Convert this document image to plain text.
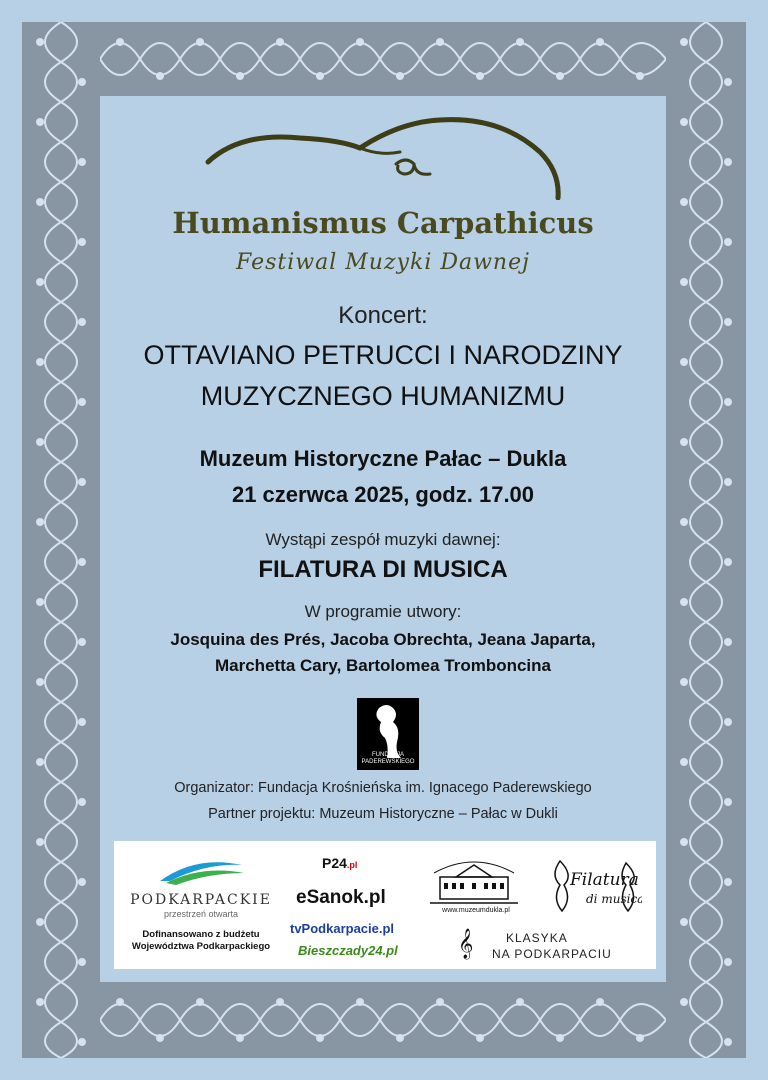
Humanismus Carpathicus
Festiwal Muzyki Dawnej
Koncert:
OTTAVIANO PETRUCCI I NARODZINY
MUZYCZNEGO HUMANIZMU
Muzeum Historyczne Pałac – Dukla
21 czerwca 2025, godz. 17.00
Wystąpi zespół muzyki dawnej:
FILATURA DI MUSICA
W programie utwory:
Josquina des Prés, Jacoba Obrechta, Jeana Japarta,
Marchetta Cary, Bartolomea Tromboncina
FUNDACJA
PADEREWSKIEGO
Organizator: Fundacja Krośnieńska im. Ignacego Paderewskiego
Partner projektu: Muzeum Historyczne – Pałac w Dukli
PODKARPACKIE
przestrzeń otwarta
Dofinansowano z budżetu
Województwa Podkarpackiego
P24.pl
eSanok.pl
tvPodkarpacie.pl
Bieszczady24.pl
www.muzeumdukla.pl
Filatura
di musica
𝄞	KLASYKA
NA PODKARPACIU
